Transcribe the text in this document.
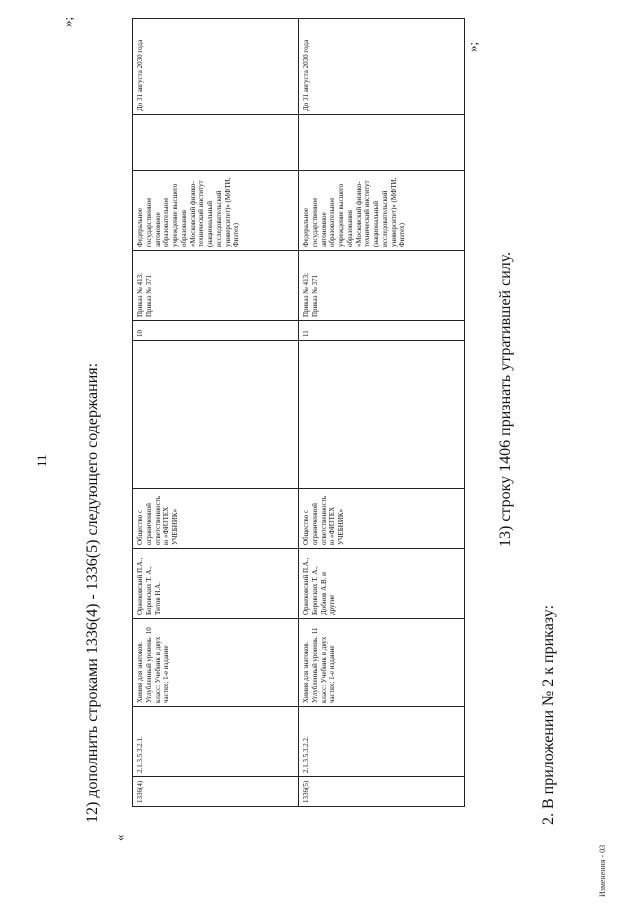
11 12) дополнить строками 1336(4) - 1336(5) следующего содержания:
«
»;
»;
1336(4)	2.1.3.5.3.2.1.	Химия для знатоков. Углубленный уровень. 10 класс: Учебник в двух частях; 1-е издание	Оржековский П.А., Боровских Т. А., Титов Н.А.	Общество с ограниченной ответственностью «ФИЗТЕХ УЧЕБНИК»		10	Приказ № 413; Приказ № 371	Федеральное государственное автономное образовательное учреждение высшего образования «Московский физико-технический институт (национальный исследовательский университет)» (МФТИ, Физтех)		До 31 августа 2030 года
1336(5)	2.1.3.5.3.2.2.	Химия для знатоков. Углубленный уровень. 11 класс: Учебник в двух частях; 1-е издание	Оржековский П.А., Боровских Т. А., Добнов А.В. и другие	Общество с ограниченной ответственностью «ФИЗТЕХ УЧЕБНИК»		11	Приказ № 413; Приказ № 371	Федеральное государственное автономное образовательное учреждение высшего образования «Московский физико-технический институт (национальный исследовательский университет)» (МФТИ, Физтех)		До 31 августа 2030 года
13) строку 1406 признать утратившей силу.
2. В приложении № 2 к приказу:
Изменения - 03
